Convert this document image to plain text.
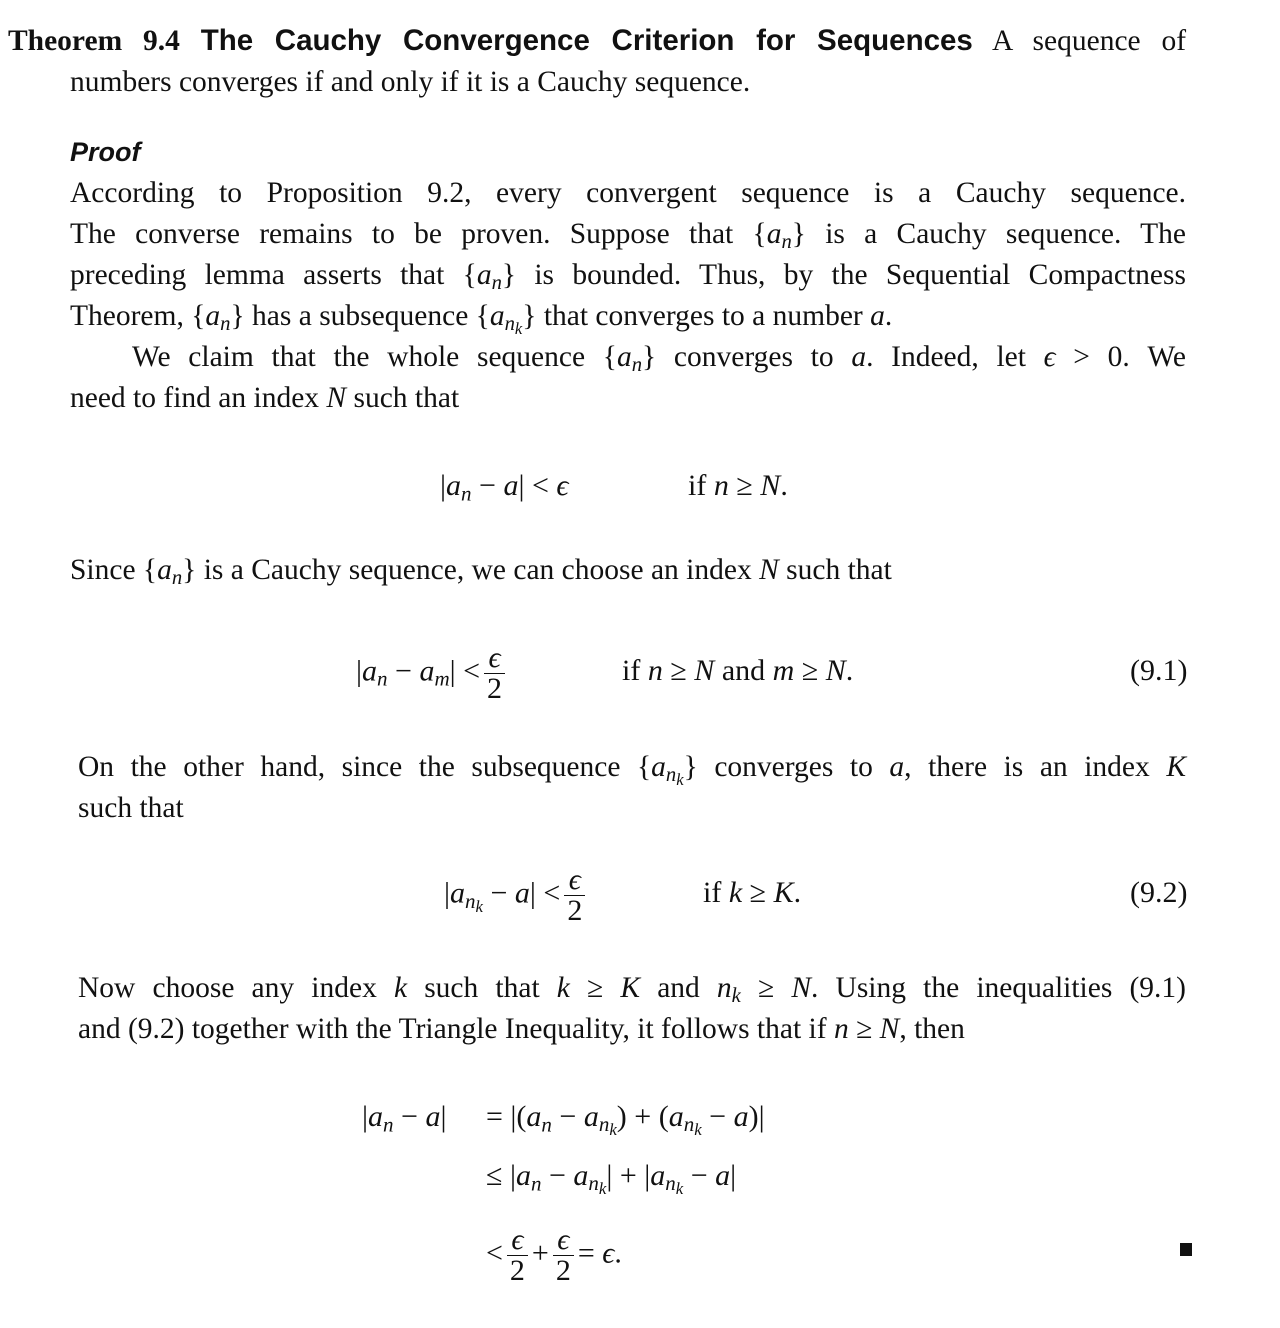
Theorem 9.4 The Cauchy Convergence Criterion for Sequences A sequence of
numbers converges if and only if it is a Cauchy sequence.
Proof
According to Proposition 9.2, every convergent sequence is a Cauchy sequence.
The converse remains to be proven. Suppose that $\{a_n\}$ is a Cauchy sequence. The
preceding lemma asserts that $\{a_n\}$ is bounded. Thus, by the Sequential Compactness
Theorem, $\{a_n\}$ has a subsequence $\{a_{n_k}\}$ that converges to a number a.
We claim that the whole sequence $\{a_n\}$ converges to a. Indeed, let ϵ > 0. We
need to find an index N such that
$|a_n - a| < \epsilon$	if n ≥ N.
Since $\{a_n\}$ is a Cauchy sequence, we can choose an index N such that
$|a_n - a_m| < \frac{\epsilon}{2}$	if n ≥ N and m ≥ N.	(9.1)
On the other hand, since the subsequence $\{a_{n_k}\}$ converges to a, there is an index K
such that
$|a_{n_k} - a| < \frac{\epsilon}{2}$	if k ≥ K.	(9.2)
Now choose any index k such that k ≥ K and $n_k \ge N$. Using the inequalities (9.1)
and (9.2) together with the Triangle Inequality, it follows that if n ≥ N, then
$|a_n - a| = |(a_n - a_{n_k}) + (a_{n_k} - a)|$
≤ $|a_n - a_{n_k}| + |a_{n_k} - a|$
< $\frac{\epsilon}{2} + \frac{\epsilon}{2} = \epsilon$.
